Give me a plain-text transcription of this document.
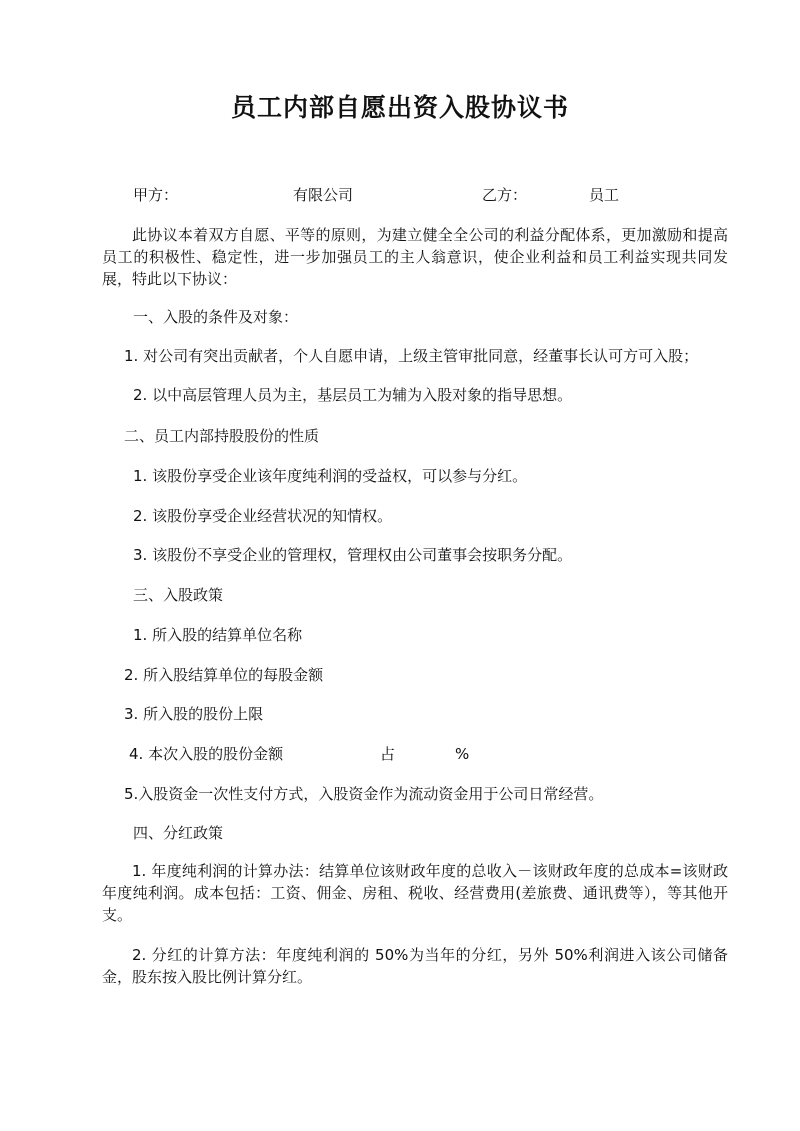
员工内部自愿出资入股协议书
甲方：	有限公司	乙方：	员工
此协议本着双方自愿、平等的原则，为建立健全全公司的利益分配体系，更加激励和提高员工的积极性、稳定性，进一步加强员工的主人翁意识，使企业利益和员工利益实现共同发展，特此以下协议：
一、入股的条件及对象：
1. 对公司有突出贡献者，个人自愿申请，上级主管审批同意，经董事长认可方可入股；
2. 以中高层管理人员为主，基层员工为辅为入股对象的指导思想。
二、员工内部持股股份的性质
1. 该股份享受企业该年度纯利润的受益权，可以参与分红。
2. 该股份享受企业经营状况的知情权。
3. 该股份不享受企业的管理权，管理权由公司董事会按职务分配。
三、入股政策
1. 所入股的结算单位名称
2. 所入股结算单位的每股金额
3. 所入股的股份上限
4. 本次入股的股份金额	占	%
5.入股资金一次性支付方式，入股资金作为流动资金用于公司日常经营。
四、分红政策
1. 年度纯利润的计算办法：结算单位该财政年度的总收入－该财政年度的总成本=该财政年度纯利润。成本包括：工资、佣金、房租、税收、经营费用(差旅费、通讯费等），等其他开支。
2. 分红的计算方法：年度纯利润的 50%为当年的分红，另外 50%利润进入该公司储备金，股东按入股比例计算分红。
